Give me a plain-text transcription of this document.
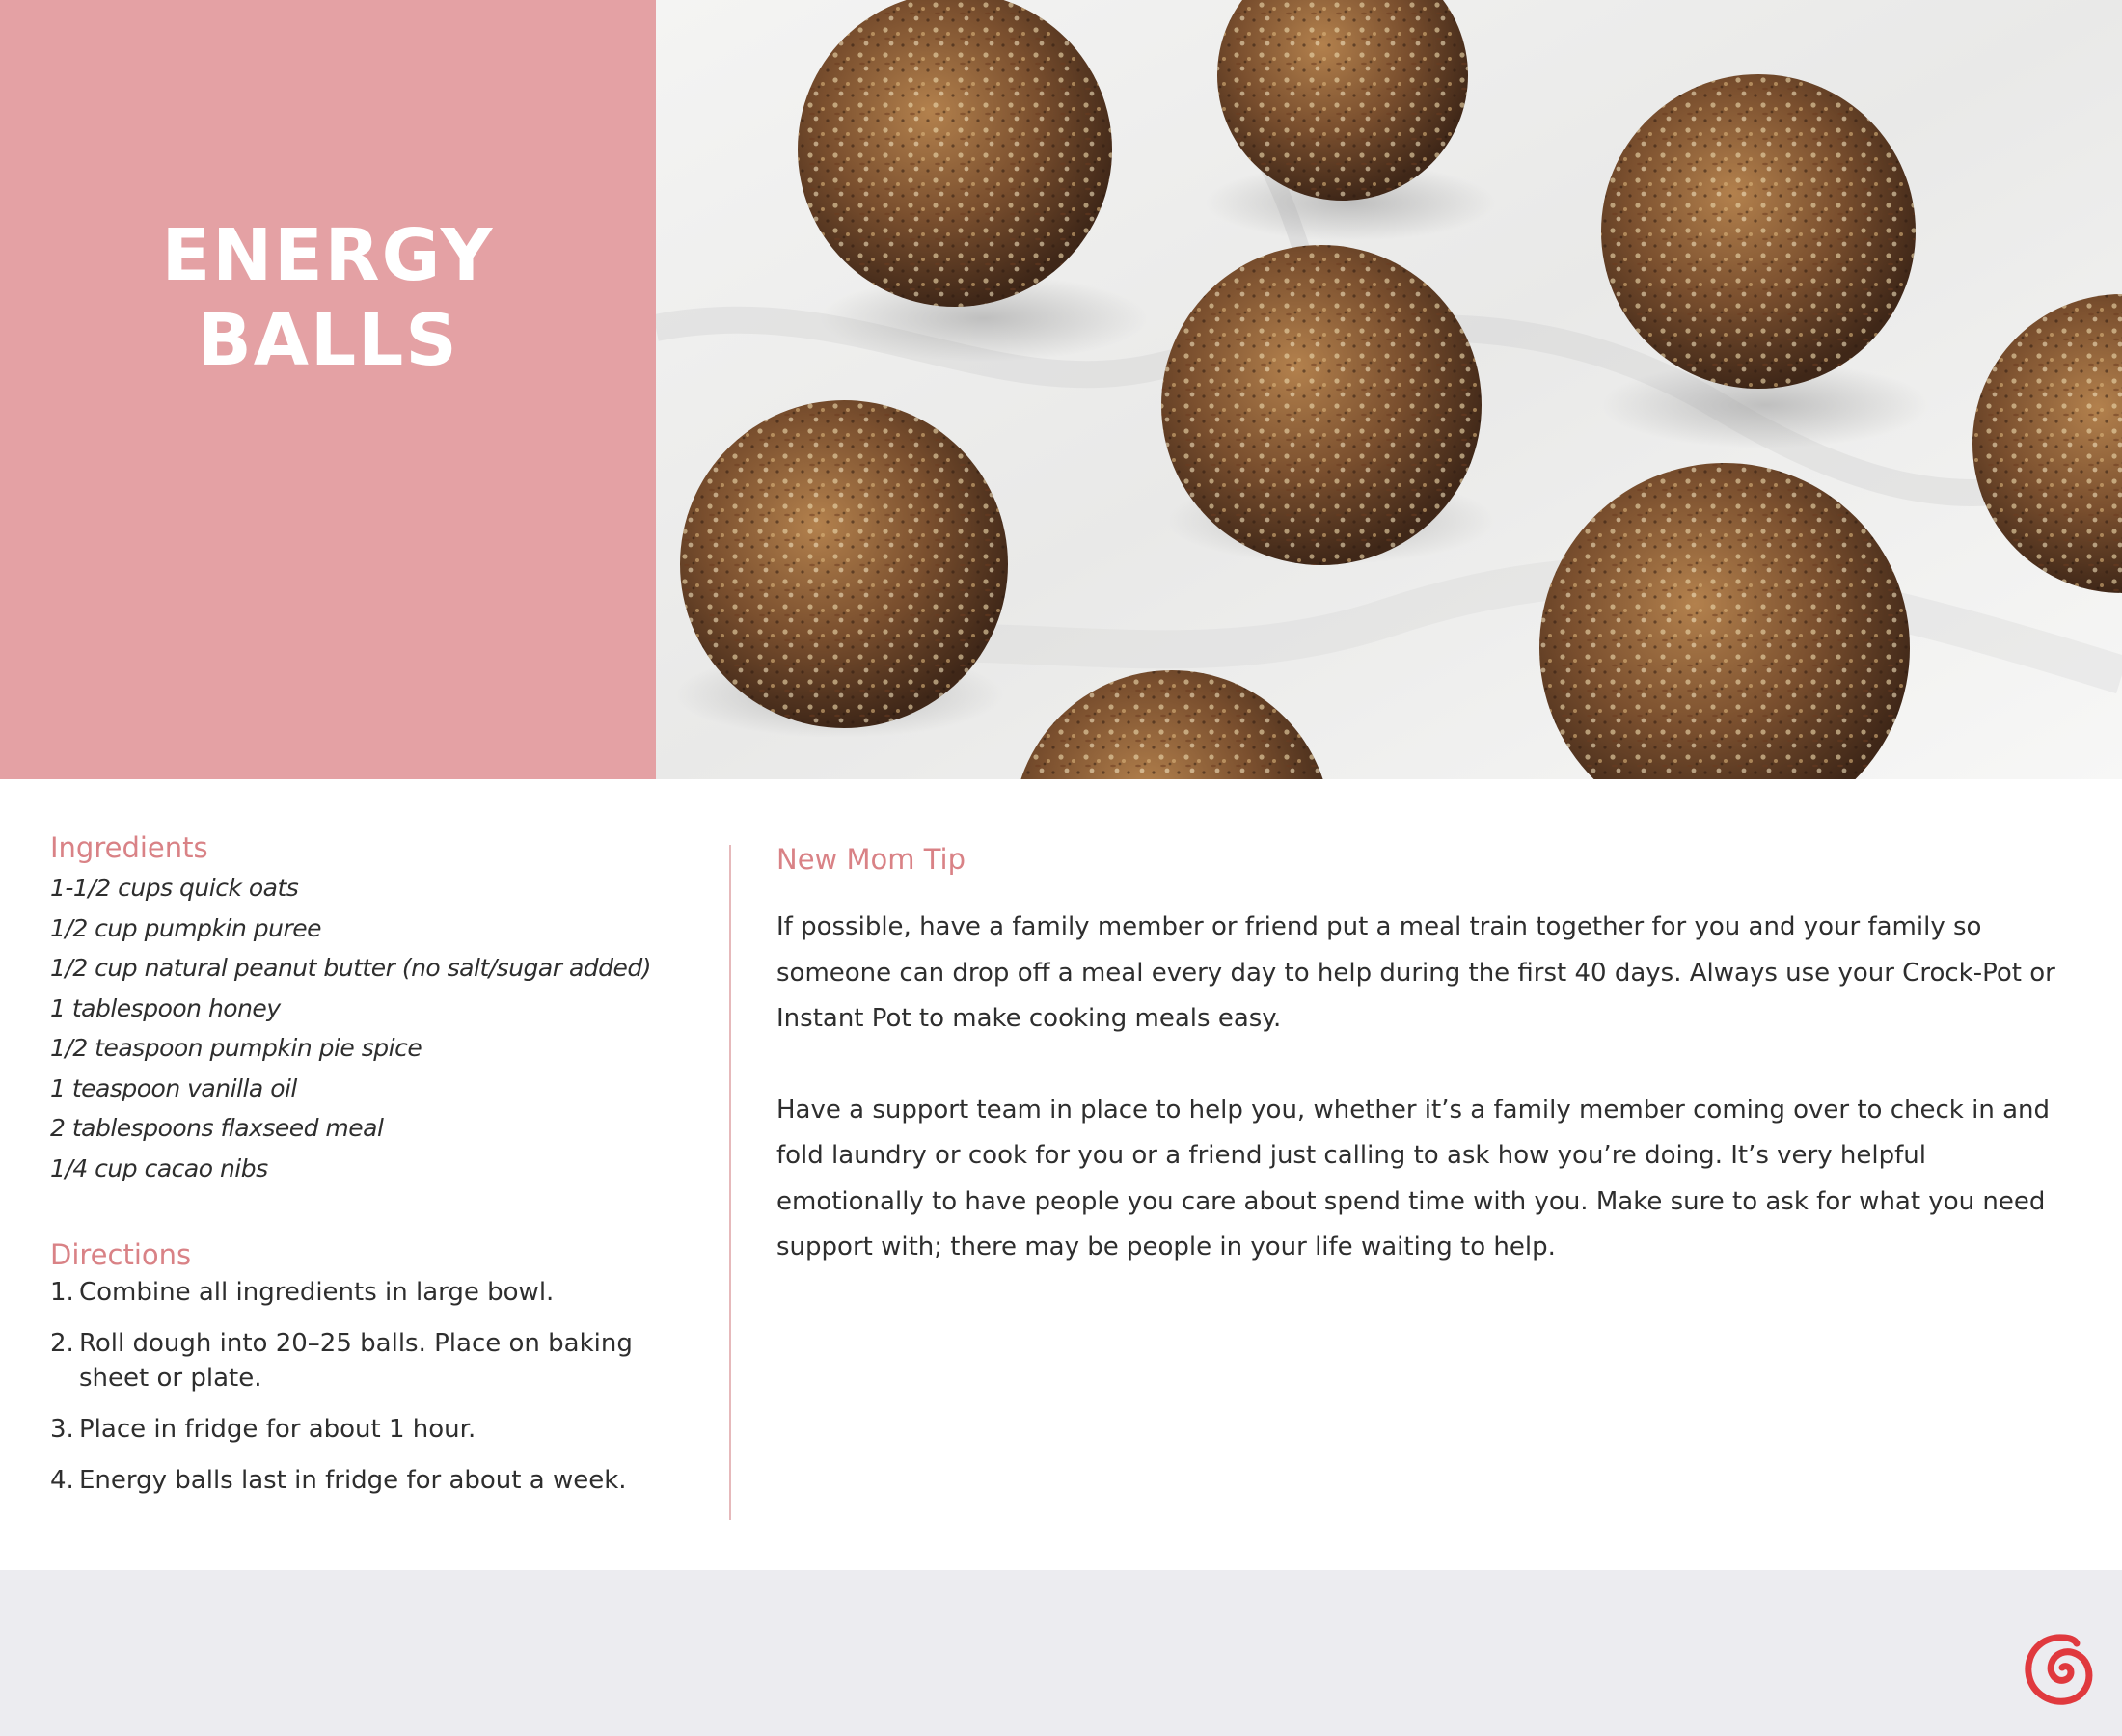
ENERGY
BALLS
Ingredients
1-1/2 cups quick oats
1/2 cup pumpkin puree
1/2 cup natural peanut butter (no salt/sugar added)
1 tablespoon honey
1/2 teaspoon pumpkin pie spice
1 teaspoon vanilla oil
2 tablespoons flaxseed meal
1/4 cup cacao nibs
Directions
1. Combine all ingredients in large bowl.
2. Roll dough into 20–25 balls. Place on baking sheet or plate.
3. Place in fridge for about 1 hour.
4. Energy balls last in fridge for about a week.
New Mom Tip

If possible, have a family member or friend put a meal train together for you and your family so someone can drop off a meal every day to help during the first 40 days. Always use your Crock-Pot or Instant Pot to make cooking meals easy.

Have a support team in place to help you, whether it’s a family member coming over to check in and fold laundry or cook for you or a friend just calling to ask how you’re doing. It’s very helpful emotionally to have people you care about spend time with you. Make sure to ask for what you need support with; there may be people in your life waiting to help.
